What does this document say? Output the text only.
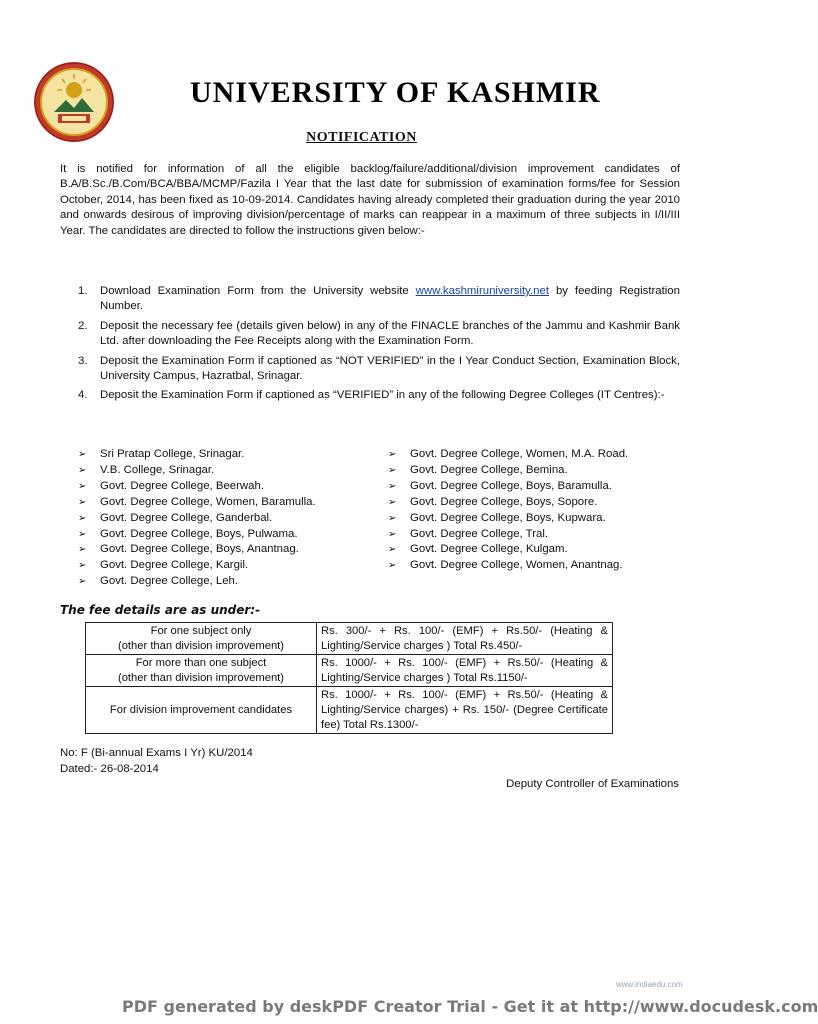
UNIVERSITY OF KASHMIR
NOTIFICATION

It is notified for information of all the eligible backlog/failure/additional/division improvement candidates of B.A/B.Sc./B.Com/BCA/BBA/MCMP/Fazila I Year that the last date for submission of examination forms/fee for Session October, 2014, has been fixed as 10-09-2014. Candidates having already completed their graduation during the year 2010 and onwards desirous of improving division/percentage of marks can reappear in a maximum of three subjects in I/II/III Year. The candidates are directed to follow the instructions given below:-

1. Download Examination Form from the University website www.kashmiruniversity.net by feeding Registration Number.
2. Deposit the necessary fee (details given below) in any of the FINACLE branches of the Jammu and Kashmir Bank Ltd. after downloading the Fee Receipts along with the Examination Form.
3. Deposit the Examination Form if captioned as “NOT VERIFIED” in the I Year Conduct Section, Examination Block, University Campus, Hazratbal, Srinagar.
4. Deposit the Examination Form if captioned as “VERIFIED” in any of the following Degree Colleges (IT Centres):-
➢ Sri Pratap College, Srinagar.
➢ V.B. College, Srinagar.
➢ Govt. Degree College, Beerwah.
➢ Govt. Degree College, Women, Baramulla.
➢ Govt. Degree College, Ganderbal.
➢ Govt. Degree College, Boys, Pulwama.
➢ Govt. Degree College, Boys, Anantnag.
➢ Govt. Degree College, Kargil.
➢ Govt. Degree College, Leh.
➢ Govt. Degree College, Women, M.A. Road.
➢ Govt. Degree College, Bemina.
➢ Govt. Degree College, Boys, Baramulla.
➢ Govt. Degree College, Boys, Sopore.
➢ Govt. Degree College, Boys, Kupwara.
➢ Govt. Degree College, Tral.
➢ Govt. Degree College, Kulgam.
➢ Govt. Degree College, Women, Anantnag.

The fee details are as under:-

For one subject only
(other than division improvement)	Rs. 300/- + Rs. 100/- (EMF) + Rs.50/- (Heating & Lighting/Service charges ) Total Rs.450/-

For more than one subject
(other than division improvement)	Rs. 1000/- + Rs. 100/- (EMF) + Rs.50/- (Heating & Lighting/Service charges ) Total Rs.1150/-

For division improvement candidates	Rs. 1000/- + Rs. 100/- (EMF) + Rs.50/- (Heating & Lighting/Service charges) + Rs. 150/- (Degree Certificate fee) Total Rs.1300/-

No: F (Bi-annual Exams I Yr) KU/2014

Dated:- 26-08-2014

Deputy Controller of Examinations

www.indiaedu.com

PDF generated by deskPDF Creator Trial - Get it at http://www.docudesk.com
